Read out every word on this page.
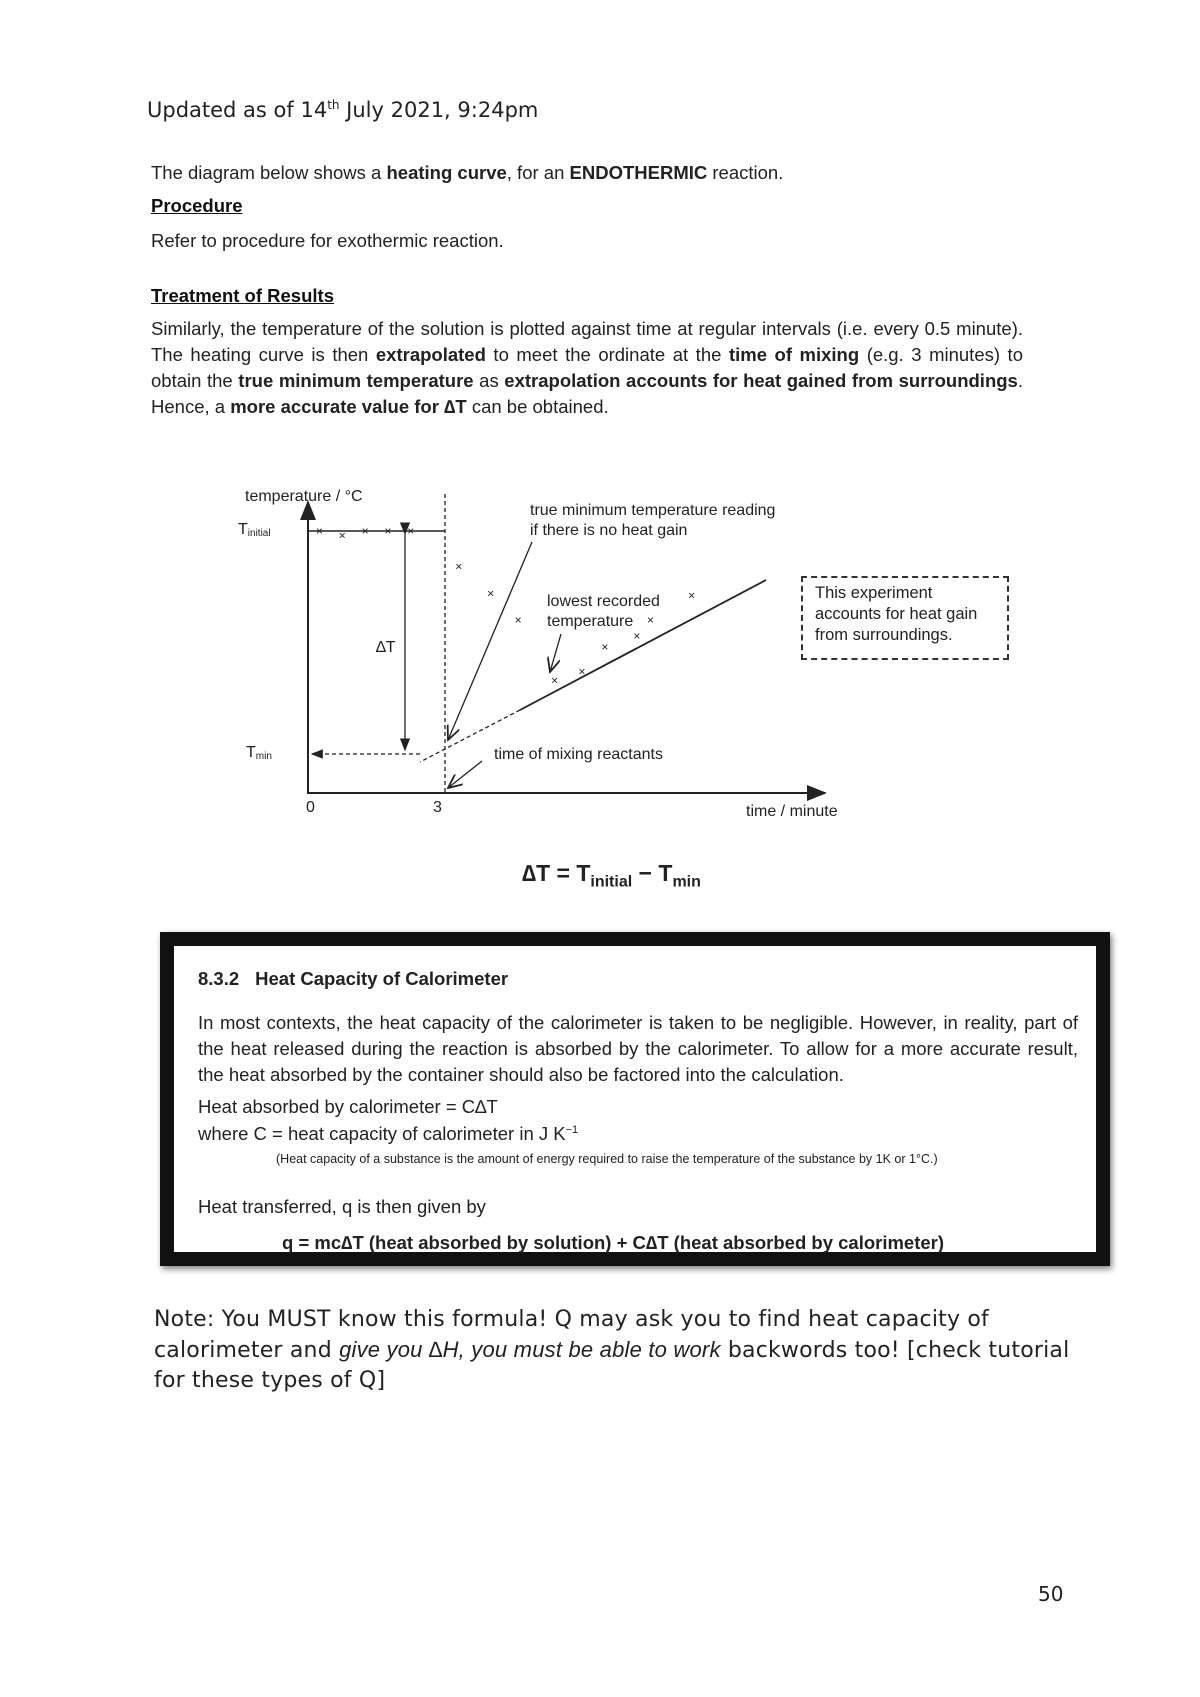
Updated as of 14th July 2021, 9:24pm
The diagram below shows a heating curve, for an ENDOTHERMIC reaction.
Procedure
Refer to procedure for exothermic reaction.
Treatment of Results
Similarly, the temperature of the solution is plotted against time at regular intervals (i.e. every 0.5 minute). The heating curve is then extrapolated to meet the ordinate at the time of mixing (e.g. 3 minutes) to obtain the true minimum temperature as extrapolation accounts for heat gained from surroundings. Hence, a more accurate value for ∆T can be obtained.
temperature / °C
time / minute
0	3
Tinitial
Tmin
∆T
× × × × ×
×
×
×
×
×
×
×
×
×
true minimum temperature reading
if there is no heat gain
lowest recorded
temperature
time of mixing reactants
This experiment
accounts for heat gain
from surroundings.
$\Delta T = T_{initial} - T_{min}$
8.3.2 Heat Capacity of Calorimeter
In most contexts, the heat capacity of the calorimeter is taken to be negligible. However, in reality, part of the heat released during the reaction is absorbed by the calorimeter. To allow for a more accurate result, the heat absorbed by the container should also be factored into the calculation.
Heat absorbed by calorimeter = C∆T
where C = heat capacity of calorimeter in J $K^{-1}$
(Heat capacity of a substance is the amount of energy required to raise the temperature of the substance by 1K or 1°C.)
Heat transferred, q is then given by
q = mc∆T (heat absorbed by solution) + C∆T (heat absorbed by calorimeter)
Note: You MUST know this formula! Q may ask you to find heat capacity of calorimeter and give you ∆H, you must be able to work backwords too! [check tutorial for these types of Q]
50
